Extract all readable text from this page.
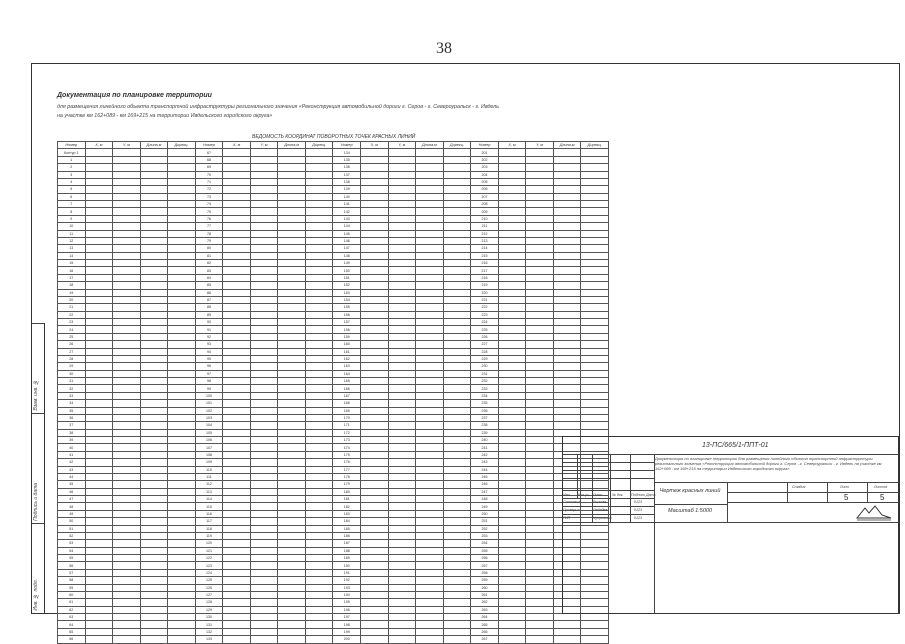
38
Взам. инв. №
Подпись и дата
Инв. № подл.
Документация по планировке территории
для размещения линейного объекта транспортной инфраструктуры регионального значения «Реконструкция автомобильной дороги г. Серов - г. Североуральск - г. Ивдель
на участке км 162+089 - км 169+215 на территории Ивдельского городского округа»
ВЕДОМОСТЬ КООРДИНАТ ПОВОРОТНЫХ ТОЧЕК КРАСНЫХ ЛИНИЙ
Номер	X, м	Y, м	Длина,м	Дирекц.	Номер	X, м	Y, м	Длина,м	Дирекц.	Номер	X, м	Y, м	Длина,м	Дирекц.	Номер	X, м	Y, м	Длина,м	Дирекц.
Контур 1					67					134					201				
1					68					135					202				
2					69					136					203				
3					70					137					204				
4					71					138					205				
5					72					139					206				
6					73					140					207				
7					74					141					208				
8					75					142					209				
9					76					143					210				
10					77					144					211				
11					78					145					212				
12					79					146					213				
13					80					147					214				
14					81					148					215				
15					82					149					216				
16					83					150					217				
17					84					151					218				
18					85					152					219				
19					86					153					220				
20					87					154					221				
21					88					155					222				
22					89					156					223				
23					90					157					224				
24					91					158					225				
25					92					159					226				
26					93					160					227				
27					94					161					228				
28					95					162					229				
29					96					163					230				
30					97					164					231				
31					98					165					232				
32					99					166					233				
33					100					167					234				
34					101					168					235				
35					102					169					236				
36					103					170					237				
37					104					171					238				
38					105					172					239				
39					106					173					240				
40					107					174					241				
41					108					175					242				
42					109					176					243				
43					110					177					244				
44					111					178					245				
45					112					179					246				
46					113					180					247				
47					114					181					248				
48					115					182					249				
49					116					183					250				
50					117					184					251				
51					118					185					252				
52					119					186					253				
53					120					187					254				
54					121					188					255				
55					122					189					256				
56					123					190					257				
57					124					191					258				
58					125					192					259				
59					126					193					260				
60					127					194					261				
61					128					195					262				
62					129					196					263				
63					130					197					264				
64					131					198					265				
65					132					199					266				
66					133					200					267				
13-ПС/665/1-ППТ-01
Документация по планировке территории для размещения линейного объекта транспортной инфраструктуры регионального значения «Реконструкция автомобильной дороги г. Серов - г. Североуральск - г. Ивдель на участке км 162+089 - км 169+215 на территории Ивдельского городского округа»
Чертеж красных линий
Масштаб 1:5000
Изм. Кол.уч. Лист	№ док. Подпись Дата
Составил	Рыжова	0123
Проверил	Лебедева	0123
ГИП	Чупрыгина	0123
Стадия	Лист	Листов
5	5
